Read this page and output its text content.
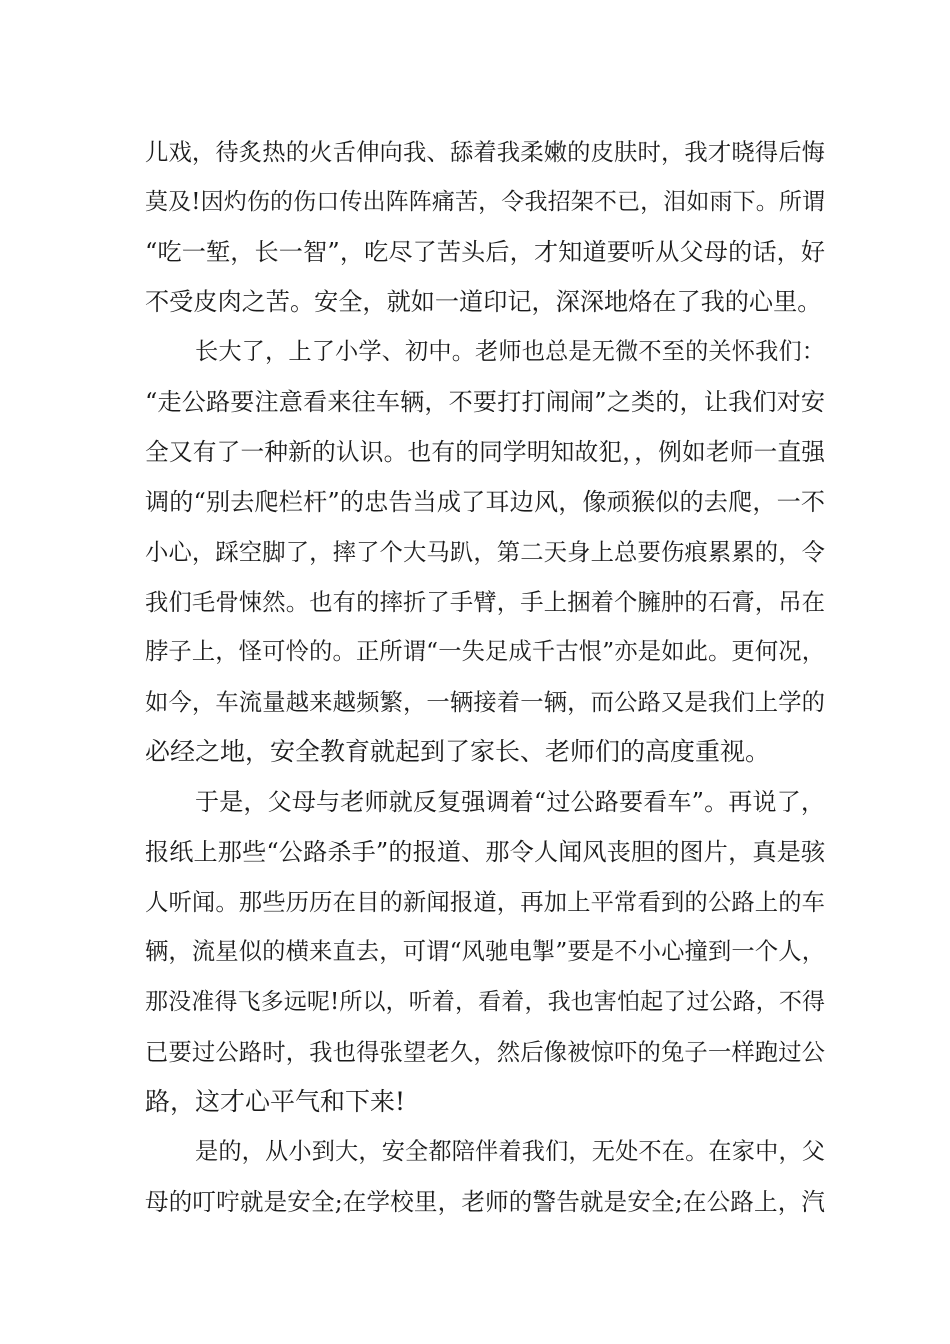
儿戏，待炙热的火舌伸向我、舔着我柔嫩的皮肤时，我才晓得后悔
莫及!因灼伤的伤口传出阵阵痛苦，令我招架不已，泪如雨下。所谓
“吃一堑，长一智”，吃尽了苦头后，才知道要听从父母的话，好
不受皮肉之苦。安全，就如一道印记，深深地烙在了我的心里。
长大了，上了小学、初中。老师也总是无微不至的关怀我们：
“走公路要注意看来往车辆，不要打打闹闹”之类的，让我们对安
全又有了一种新的认识。也有的同学明知故犯，，例如老师一直强
调的“别去爬栏杆”的忠告当成了耳边风，像顽猴似的去爬，一不
小心，踩空脚了，摔了个大马趴，第二天身上总要伤痕累累的，令
我们毛骨悚然。也有的摔折了手臂，手上捆着个臃肿的石膏，吊在
脖子上，怪可怜的。正所谓“一失足成千古恨”亦是如此。更何况，
如今，车流量越来越频繁，一辆接着一辆，而公路又是我们上学的
必经之地，安全教育就起到了家长、老师们的高度重视。
于是，父母与老师就反复强调着“过公路要看车”。再说了，
报纸上那些“公路杀手”的报道、那令人闻风丧胆的图片，真是骇
人听闻。那些历历在目的新闻报道，再加上平常看到的公路上的车
辆，流星似的横来直去，可谓“风驰电掣”要是不小心撞到一个人，
那没准得飞多远呢!所以，听着，看着，我也害怕起了过公路，不得
已要过公路时，我也得张望老久，然后像被惊吓的兔子一样跑过公
路，这才心平气和下来!
是的，从小到大，安全都陪伴着我们，无处不在。在家中，父
母的叮咛就是安全;在学校里，老师的警告就是安全;在公路上，汽
